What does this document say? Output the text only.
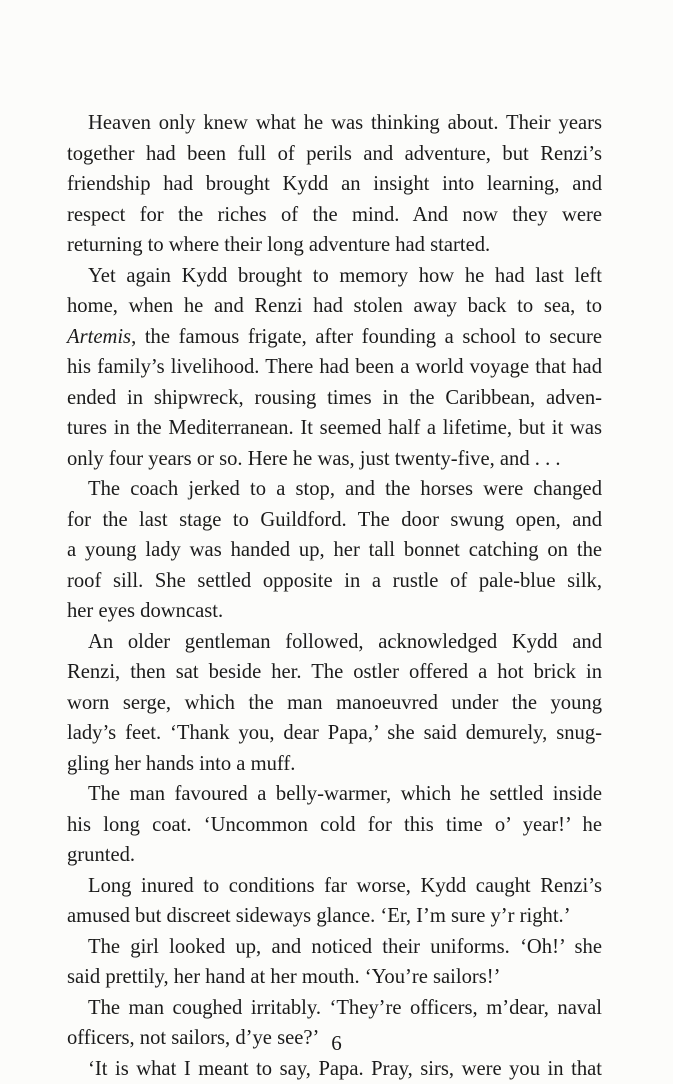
Heaven only knew what he was thinking about. Their years
together had been full of perils and adventure, but Renzi’s
friendship had brought Kydd an insight into learning, and
respect for the riches of the mind. And now they were
returning to where their long adventure had started.
Yet again Kydd brought to memory how he had last left
home, when he and Renzi had stolen away back to sea, to
Artemis, the famous frigate, after founding a school to secure
his family’s livelihood. There had been a world voyage that had
ended in shipwreck, rousing times in the Caribbean, adven-
tures in the Mediterranean. It seemed half a lifetime, but it was
only four years or so. Here he was, just twenty-five, and . . .
The coach jerked to a stop, and the horses were changed
for the last stage to Guildford. The door swung open, and
a young lady was handed up, her tall bonnet catching on the
roof sill. She settled opposite in a rustle of pale-blue silk,
her eyes downcast.
An older gentleman followed, acknowledged Kydd and
Renzi, then sat beside her. The ostler offered a hot brick in
worn serge, which the man manoeuvred under the young
lady’s feet. ‘Thank you, dear Papa,’ she said demurely, snug-
gling her hands into a muff.
The man favoured a belly-warmer, which he settled inside
his long coat. ‘Uncommon cold for this time o’ year!’ he
grunted.
Long inured to conditions far worse, Kydd caught Renzi’s
amused but discreet sideways glance. ‘Er, I’m sure y’r right.’
The girl looked up, and noticed their uniforms. ‘Oh!’ she
said prettily, her hand at her mouth. ‘You’re sailors!’
The man coughed irritably. ‘They’re officers, m’dear, naval
officers, not sailors, d’ye see?’
‘It is what I meant to say, Papa. Pray, sirs, were you in that
6
